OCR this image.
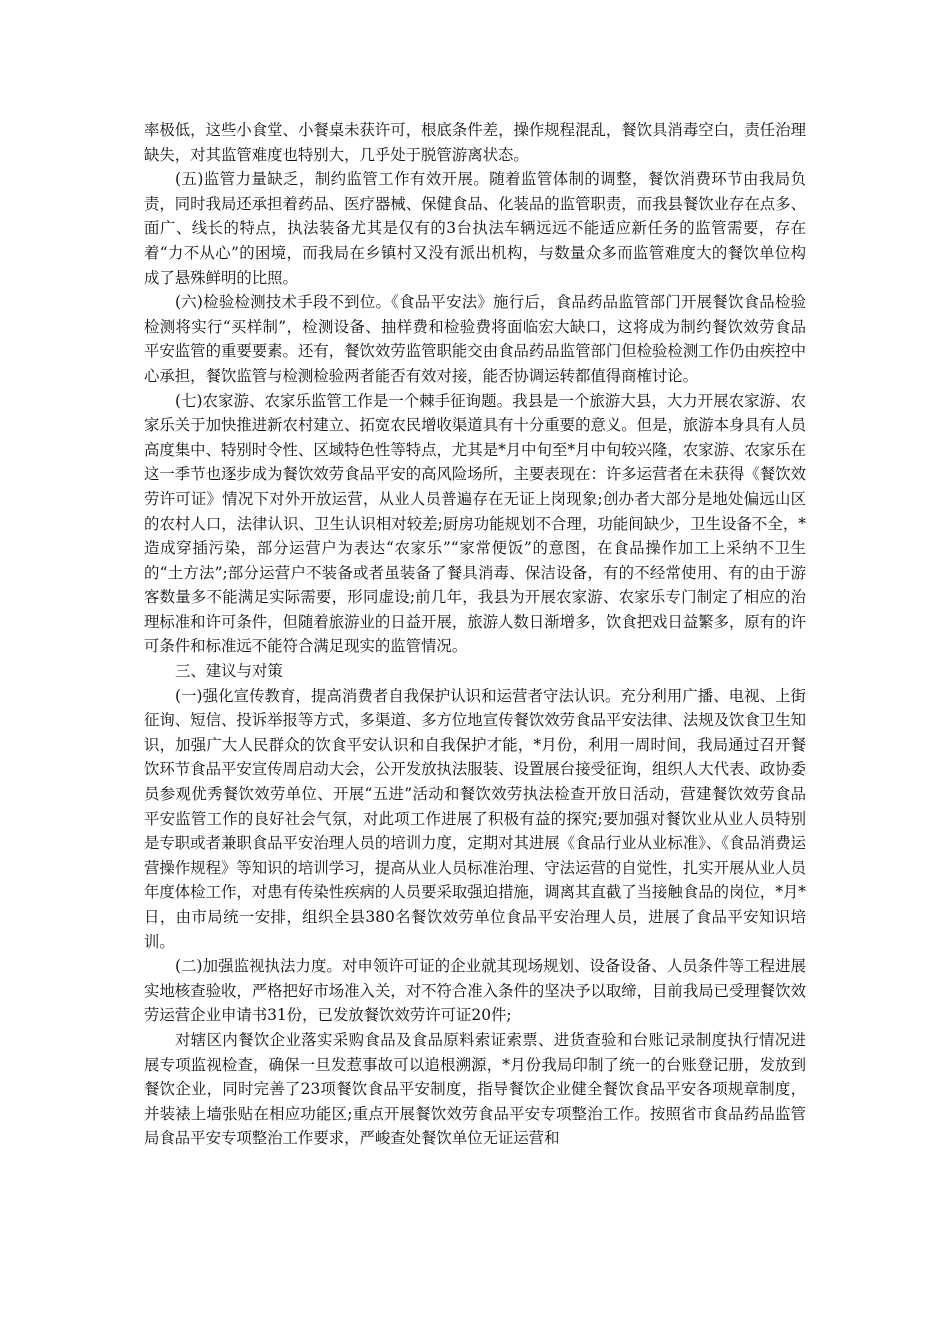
率极低，这些小食堂、小餐桌未获许可，根底条件差，操作规程混乱，餐饮具消毒空白，责任治理缺失，对其监管难度也特别大，几乎处于脱管游离状态。

(五)监管力量缺乏，制约监管工作有效开展。随着监管体制的调整，餐饮消费环节由我局负责，同时我局还承担着药品、医疗器械、保健食品、化装品的监管职责，而我县餐饮业存在点多、面广、线长的特点，执法装备尤其是仅有的3台执法车辆远远不能适应新任务的监管需要，存在着“力不从心”的困境，而我局在乡镇村又没有派出机构，与数量众多而监管难度大的餐饮单位构成了悬殊鲜明的比照。

(六)检验检测技术手段不到位。《食品平安法》施行后，食品药品监管部门开展餐饮食品检验检测将实行“买样制”，检测设备、抽样费和检验费将面临宏大缺口，这将成为制约餐饮效劳食品平安监管的重要要素。还有，餐饮效劳监管职能交由食品药品监管部门但检验检测工作仍由疾控中心承担，餐饮监管与检测检验两者能否有效对接，能否协调运转都值得商榷讨论。

(七)农家游、农家乐监管工作是一个棘手征询题。我县是一个旅游大县，大力开展农家游、农家乐关于加快推进新农村建立、拓宽农民增收渠道具有十分重要的意义。但是，旅游本身具有人员高度集中、特别时令性、区域特色性等特点，尤其是*月中旬至*月中旬较兴隆，农家游、农家乐在这一季节也逐步成为餐饮效劳食品平安的高风险场所，主要表现在：许多运营者在未获得《餐饮效劳许可证》情况下对外开放运营，从业人员普遍存在无证上岗现象;创办者大部分是地处偏远山区的农村人口，法律认识、卫生认识相对较差;厨房功能规划不合理，功能间缺少，卫生设备不全，*造成穿插污染，部分运营户为表达“农家乐”“家常便饭”的意图，在食品操作加工上采纳不卫生的“土方法”;部分运营户不装备或者虽装备了餐具消毒、保洁设备，有的不经常使用、有的由于游客数量多不能满足实际需要，形同虚设;前几年，我县为开展农家游、农家乐专门制定了相应的治理标准和许可条件，但随着旅游业的日益开展，旅游人数日渐增多，饮食把戏日益繁多，原有的许可条件和标准远不能符合满足现实的监管情况。

三、建议与对策

(一)强化宣传教育，提高消费者自我保护认识和运营者守法认识。充分利用广播、电视、上街征询、短信、投诉举报等方式，多渠道、多方位地宣传餐饮效劳食品平安法律、法规及饮食卫生知识，加强广大人民群众的饮食平安认识和自我保护才能，*月份，利用一周时间，我局通过召开餐饮环节食品平安宣传周启动大会，公开发放执法服装、设置展台接受征询，组织人大代表、政协委员参观优秀餐饮效劳单位、开展“五进”活动和餐饮效劳执法检查开放日活动，营建餐饮效劳食品平安监管工作的良好社会气氛，对此项工作进展了积极有益的探究;要加强对餐饮业从业人员特别是专职或者兼职食品平安治理人员的培训力度，定期对其进展《食品行业从业标准》、《食品消费运营操作规程》等知识的培训学习，提高从业人员标准治理、守法运营的自觉性，扎实开展从业人员年度体检工作，对患有传染性疾病的人员要采取强迫措施，调离其直截了当接触食品的岗位，*月*日，由市局统一安排，组织全县380名餐饮效劳单位食品平安治理人员，进展了食品平安知识培训。

(二)加强监视执法力度。对申领许可证的企业就其现场规划、设备设备、人员条件等工程进展实地核查验收，严格把好市场准入关，对不符合准入条件的坚决予以取缔，目前我局已受理餐饮效劳运营企业申请书31份，已发放餐饮效劳许可证20件;

对辖区内餐饮企业落实采购食品及食品原料索证索票、进货查验和台账记录制度执行情况进展专项监视检查，确保一旦发惹事故可以追根溯源，*月份我局印制了统一的台账登记册，发放到餐饮企业，同时完善了23项餐饮食品平安制度，指导餐饮企业健全餐饮食品平安各项规章制度，并装裱上墙张贴在相应功能区;重点开展餐饮效劳食品平安专项整治工作。按照省市食品药品监管局食品平安专项整治工作要求，严峻查处餐饮单位无证运营和
